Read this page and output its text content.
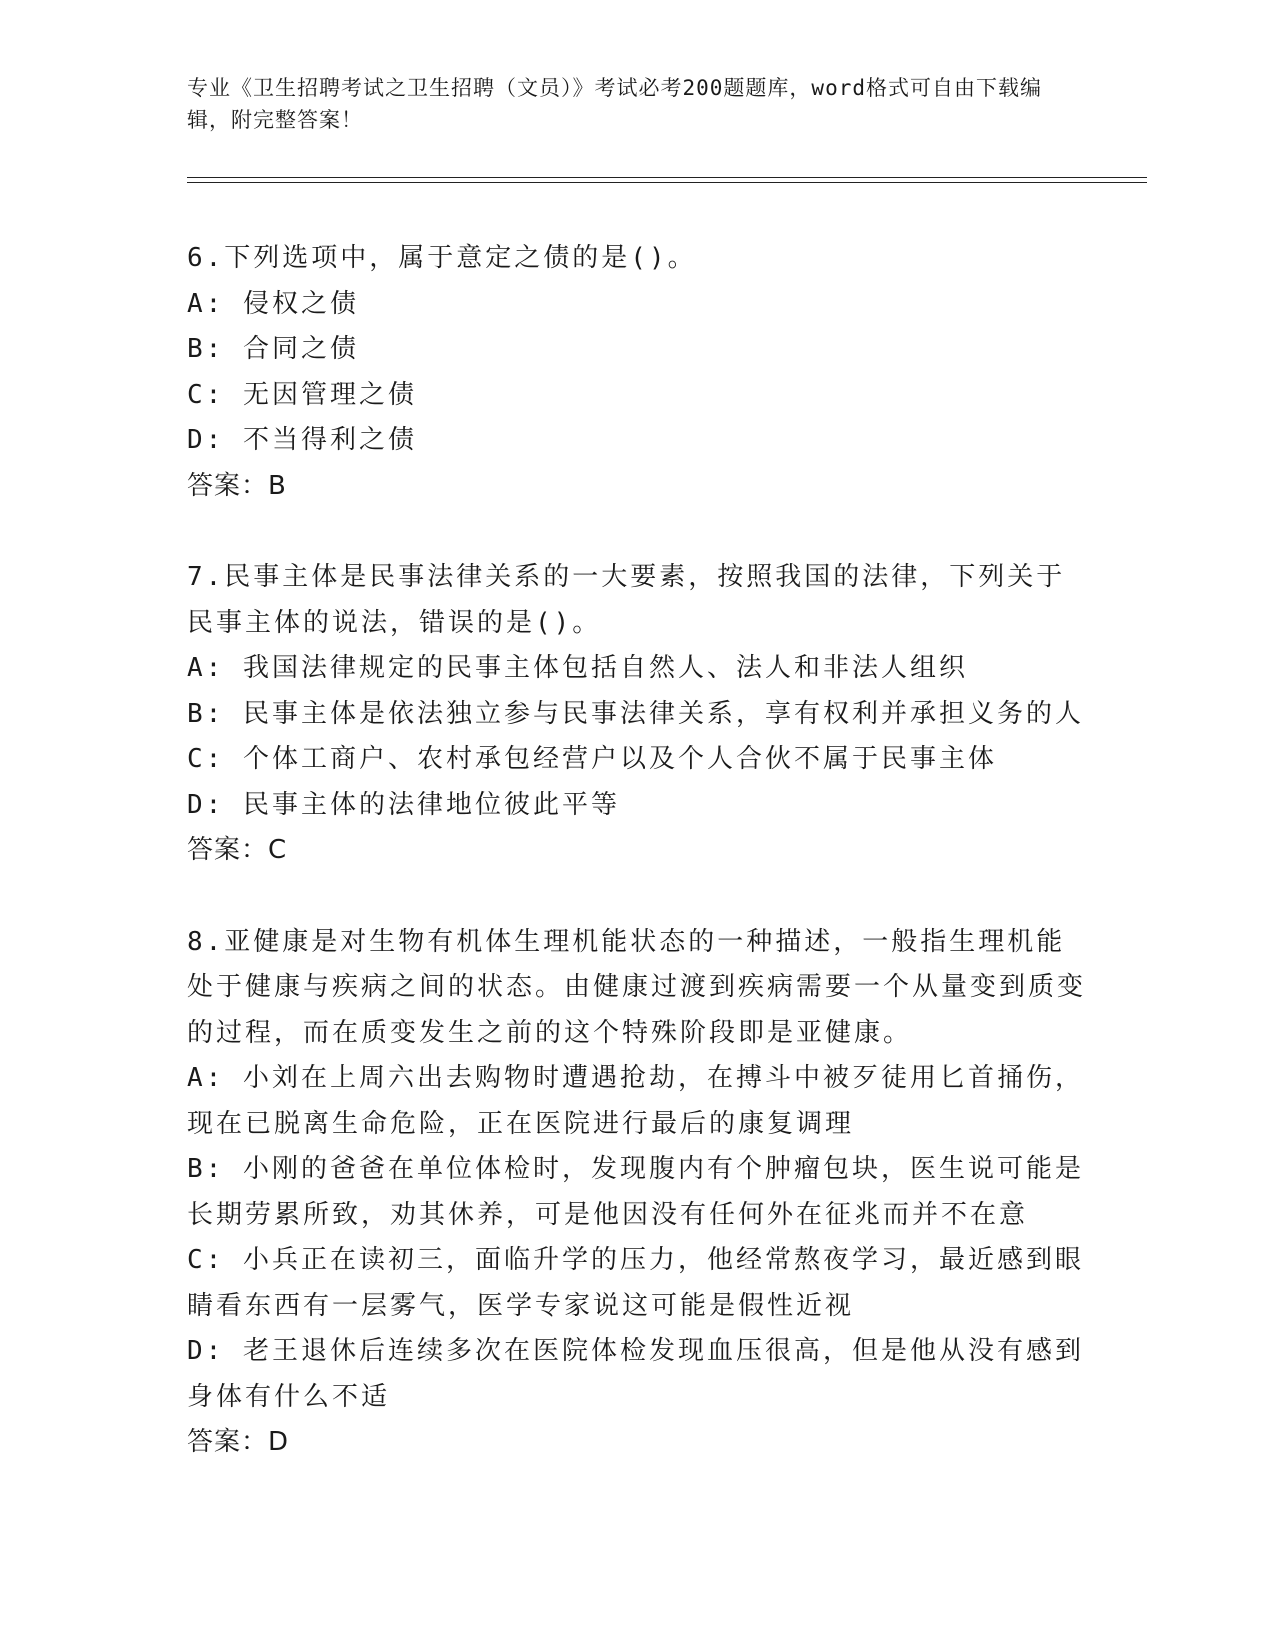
专业《卫生招聘考试之卫生招聘（文员）》考试必考200题题库，word格式可自由下载编辑，附完整答案！
6.下列选项中，属于意定之债的是()。
A: 侵权之债
B: 合同之债
C: 无因管理之债
D: 不当得利之债
答案：B
7.民事主体是民事法律关系的一大要素，按照我国的法律，下列关于民事主体的说法，错误的是()。
A: 我国法律规定的民事主体包括自然人、法人和非法人组织
B: 民事主体是依法独立参与民事法律关系，享有权利并承担义务的人
C: 个体工商户、农村承包经营户以及个人合伙不属于民事主体
D: 民事主体的法律地位彼此平等
答案：C
8.亚健康是对生物有机体生理机能状态的一种描述，一般指生理机能处于健康与疾病之间的状态。由健康过渡到疾病需要一个从量变到质变的过程，而在质变发生之前的这个特殊阶段即是亚健康。
A: 小刘在上周六出去购物时遭遇抢劫，在搏斗中被歹徒用匕首捅伤，现在已脱离生命危险，正在医院进行最后的康复调理
B: 小刚的爸爸在单位体检时，发现腹内有个肿瘤包块，医生说可能是长期劳累所致，劝其休养，可是他因没有任何外在征兆而并不在意
C: 小兵正在读初三，面临升学的压力，他经常熬夜学习，最近感到眼睛看东西有一层雾气，医学专家说这可能是假性近视
D: 老王退休后连续多次在医院体检发现血压很高，但是他从没有感到身体有什么不适
答案：D
